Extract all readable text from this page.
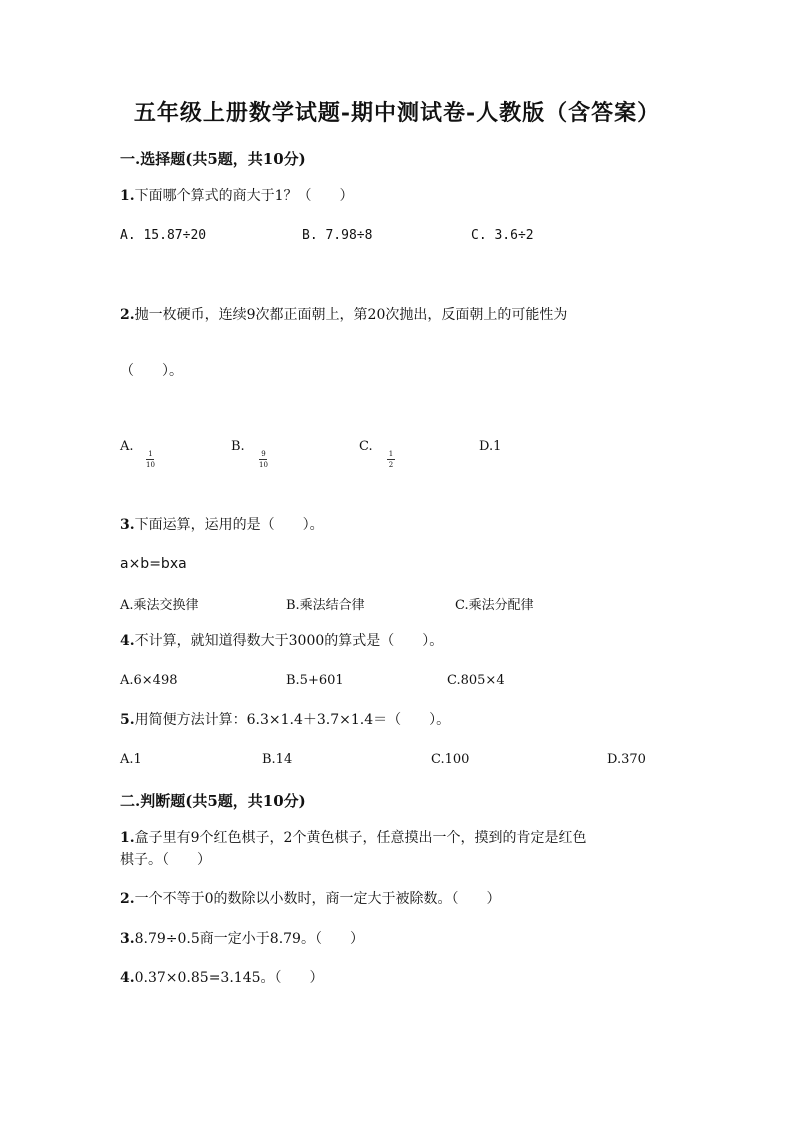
五年级上册数学试题-期中测试卷-人教版（含答案）
一.选择题(共5题，共10分)
1.下面哪个算式的商大于1？（　　）
A. 15.87÷20	B. 7.98÷8	C. 3.6÷2
2.抛一枚硬币，连续9次都正面朝上，第20次抛出，反面朝上的可能性为
（　　）。
A. 1
10
B. 9
10
C. 1
2
D.1
3.下面运算，运用的是（　　）。
a×b=bxa
A.乘法交换律	B.乘法结合律	C.乘法分配律
4.不计算，就知道得数大于3000的算式是（　　）。
A.6×498	B.5+601	C.805×4
5.用简便方法计算：6.3×1.4＋3.7×1.4＝（　　）。
A.1	B.14	C.100	D.370
二.判断题(共5题，共10分)
1.盒子里有9个红色棋子，2个黄色棋子，任意摸出一个，摸到的肯定是红色
棋子。（　　）
2.一个不等于0的数除以小数时，商一定大于被除数。（　　）
3.8.79÷0.5商一定小于8.79。（　　）
4.0.37×0.85=3.145。（　　）
